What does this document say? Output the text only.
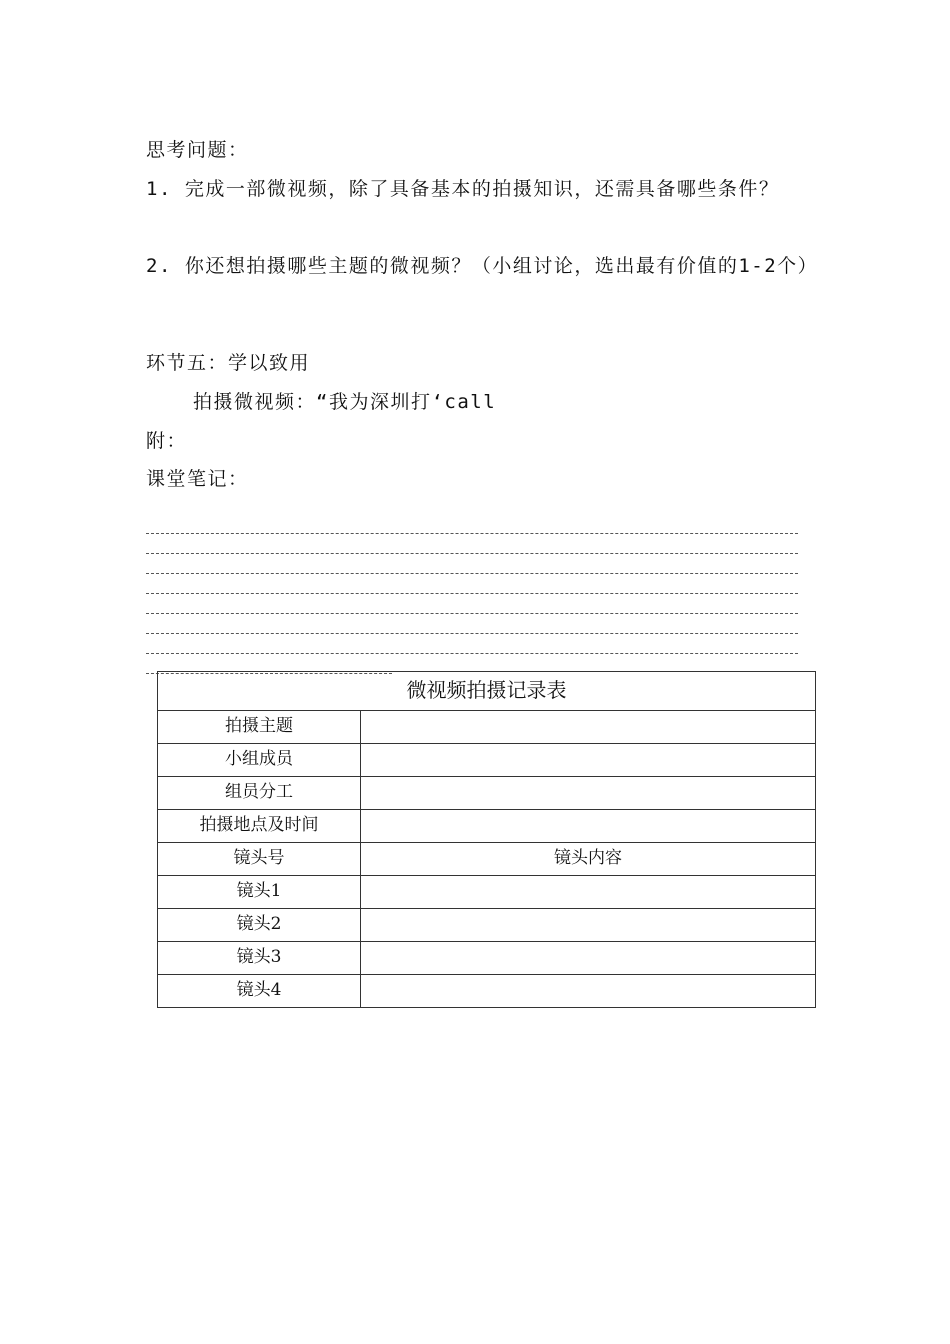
思考问题：
1. 完成一部微视频，除了具备基本的拍摄知识，还需具备哪些条件？
2. 你还想拍摄哪些主题的微视频？（小组讨论，选出最有价值的1-2个）
环节五：学以致用
拍摄微视频：“我为深圳打‘call
附：
课堂笔记：
微视频拍摄记录表	
拍摄主题	
小组成员	
组员分工	
拍摄地点及时间	
镜头号	镜头内容
镜头1	
镜头2	
镜头3	
镜头4	
